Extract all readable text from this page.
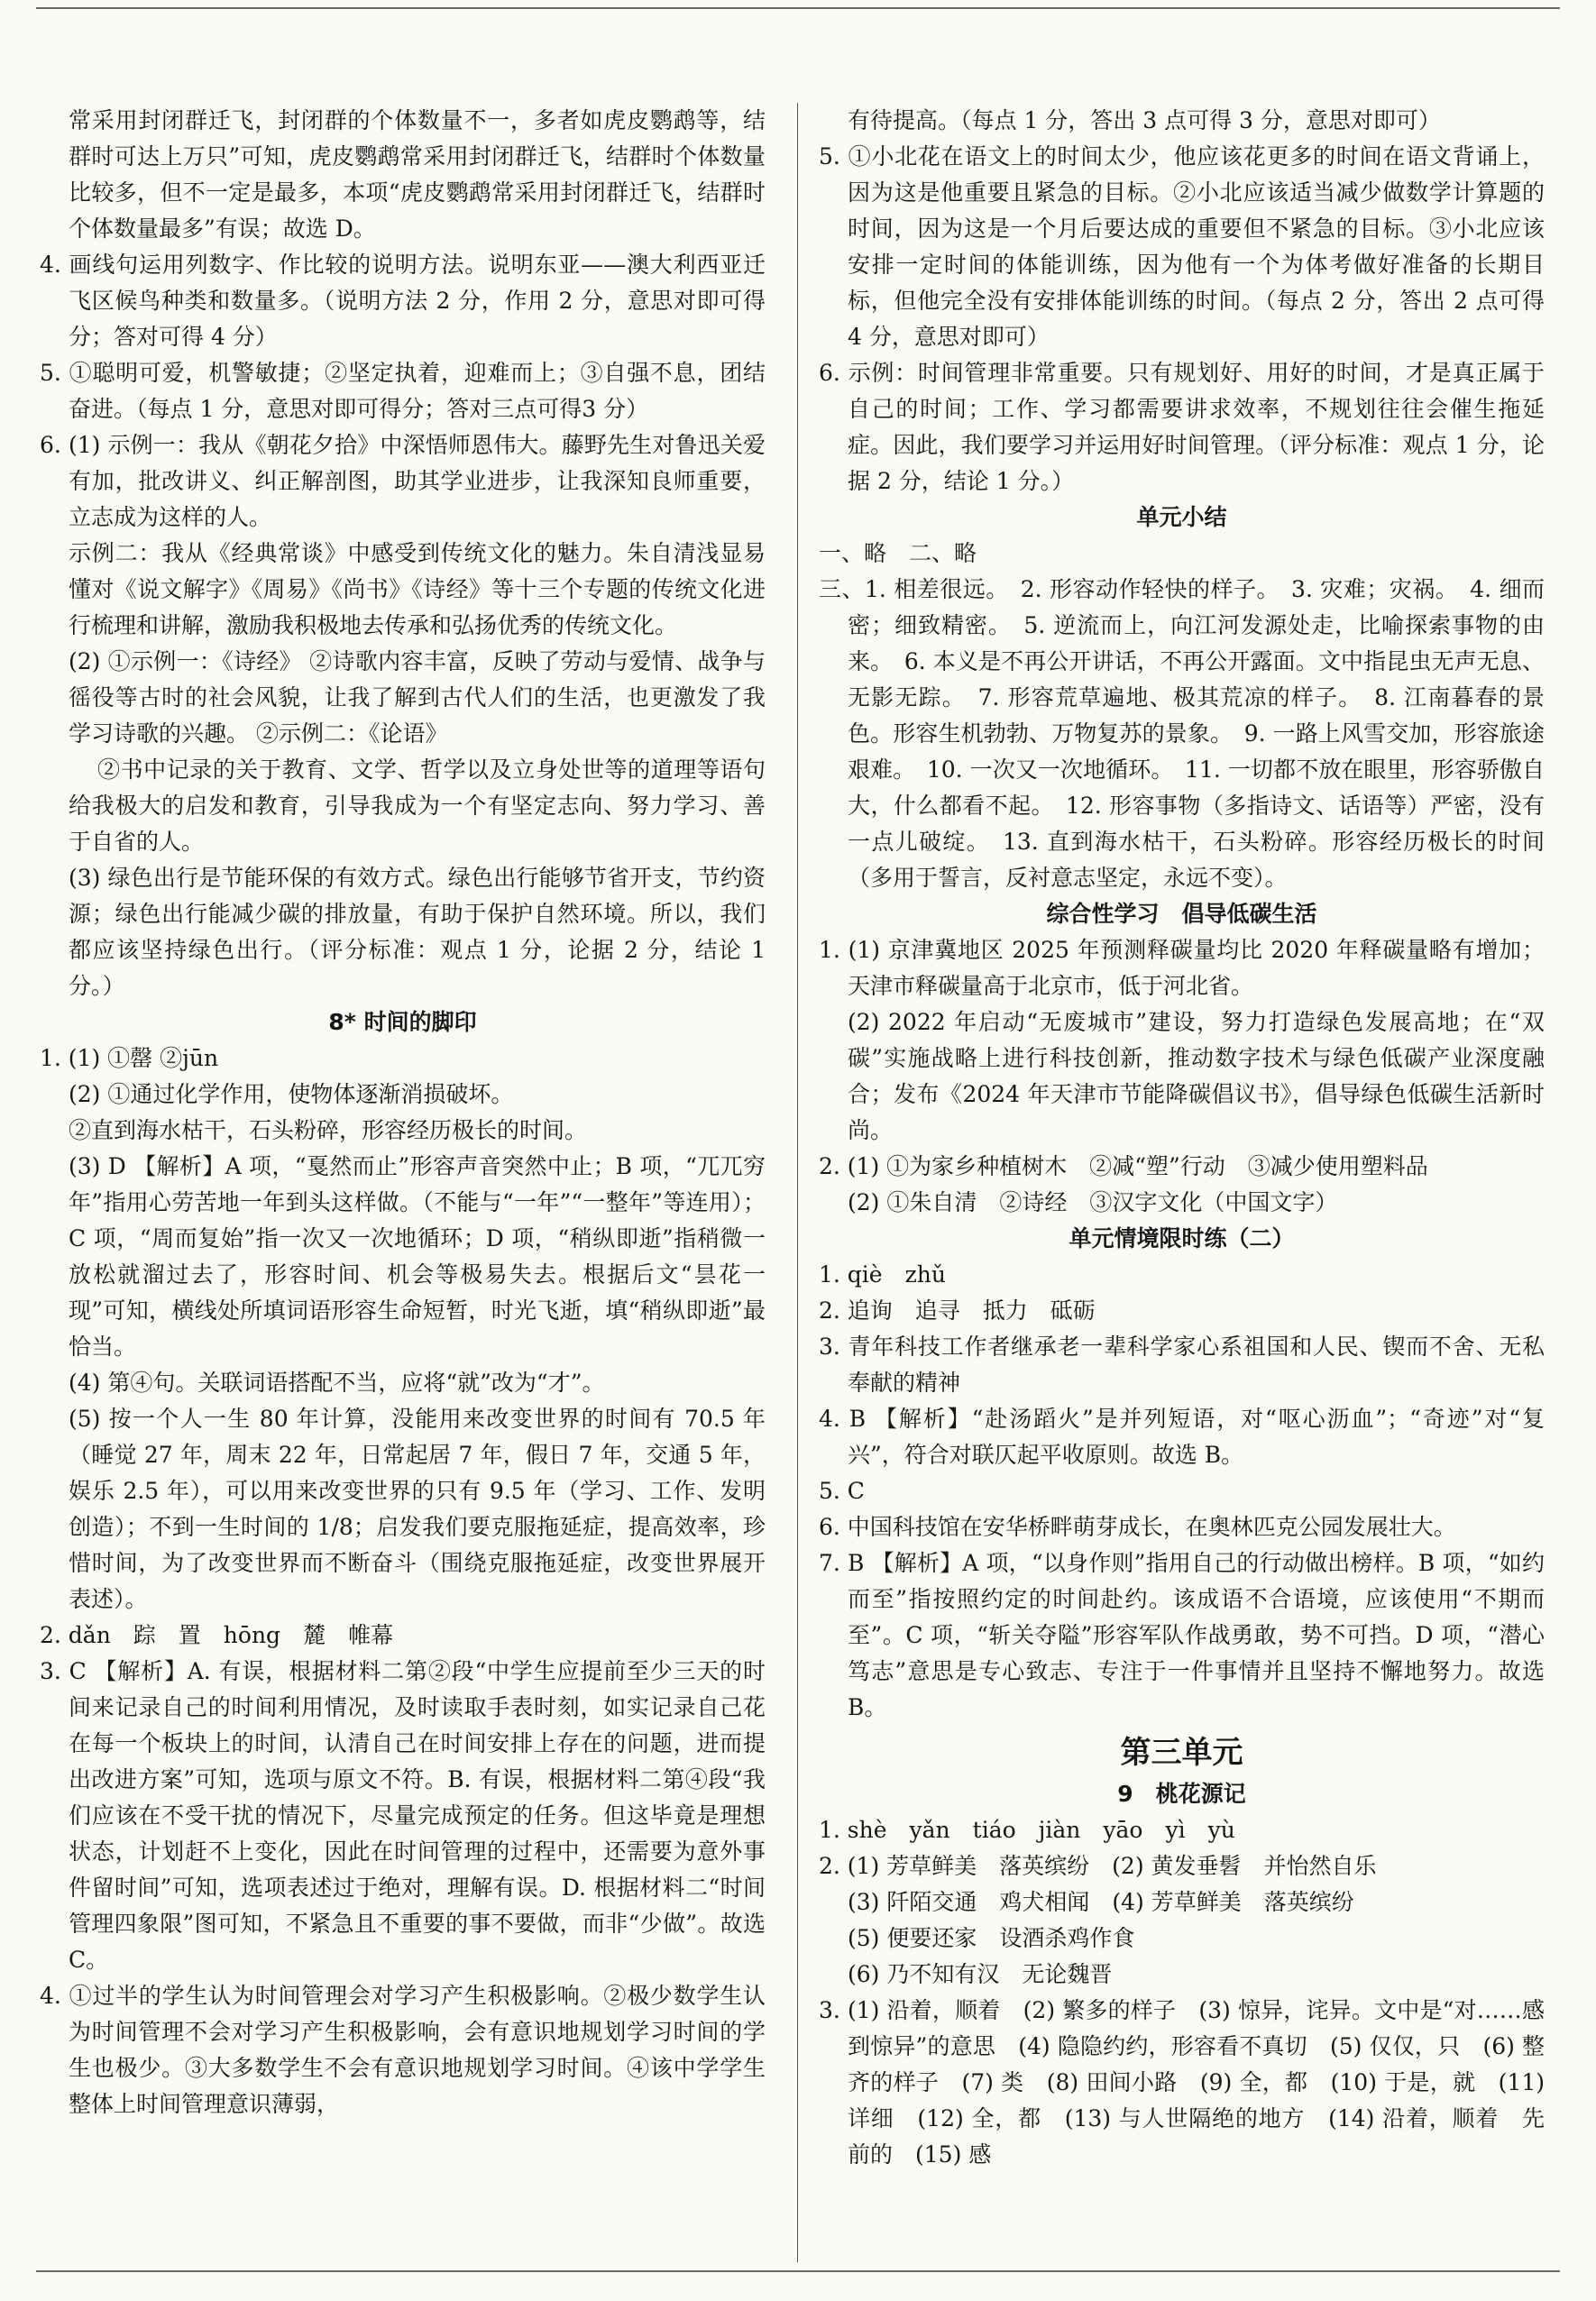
常采用封闭群迁飞，封闭群的个体数量不一，多者如虎皮鹦鹉等，结群时可达上万只”可知，虎皮鹦鹉常采用封闭群迁飞，结群时个体数量比较多，但不一定是最多，本项“虎皮鹦鹉常采用封闭群迁飞，结群时个体数量最多”有误；故选 D。

4. 画线句运用列数字、作比较的说明方法。说明东亚——澳大利西亚迁飞区候鸟种类和数量多。（说明方法 2 分，作用 2 分，意思对即可得分；答对可得 4 分）

5. ①聪明可爱，机警敏捷；②坚定执着，迎难而上；③自强不息，团结奋进。（每点 1 分，意思对即可得分；答对三点可得3 分）

6. (1) 示例一：我从《朝花夕拾》中深悟师恩伟大。藤野先生对鲁迅关爱有加，批改讲义、纠正解剖图，助其学业进步，让我深知良师重要，立志成为这样的人。

示例二：我从《经典常谈》中感受到传统文化的魅力。朱自清浅显易懂对《说文解字》《周易》《尚书》《诗经》等十三个专题的传统文化进行梳理和讲解，激励我积极地去传承和弘扬优秀的传统文化。

(2) ①示例一：《诗经》 ②诗歌内容丰富，反映了劳动与爱情、战争与徭役等古时的社会风貌，让我了解到古代人们的生活，也更激发了我学习诗歌的兴趣。 ②示例二：《论语》

②书中记录的关于教育、文学、哲学以及立身处世等的道理等语句给我极大的启发和教育，引导我成为一个有坚定志向、努力学习、善于自省的人。

(3) 绿色出行是节能环保的有效方式。绿色出行能够节省开支，节约资源；绿色出行能减少碳的排放量，有助于保护自然环境。所以，我们都应该坚持绿色出行。（评分标准：观点 1 分，论据 2 分，结论 1 分。）

8* 时间的脚印

1. (1) ①罄 ②jūn

(2) ①通过化学作用，使物体逐渐消损破坏。

②直到海水枯干，石头粉碎，形容经历极长的时间。

(3) D 【解析】A 项，“戛然而止”形容声音突然中止；B 项，“兀兀穷年”指用心劳苦地一年到头这样做。（不能与“一年”“一整年”等连用）；C 项，“周而复始”指一次又一次地循环；D 项，“稍纵即逝”指稍微一放松就溜过去了，形容时间、机会等极易失去。根据后文“昙花一现”可知，横线处所填词语形容生命短暂，时光飞逝，填“稍纵即逝”最恰当。

(4) 第④句。关联词语搭配不当，应将“就”改为“才”。

(5) 按一个人一生 80 年计算，没能用来改变世界的时间有 70.5 年（睡觉 27 年，周末 22 年，日常起居 7 年，假日 7 年，交通 5 年，娱乐 2.5 年），可以用来改变世界的只有 9.5 年（学习、工作、发明创造）；不到一生时间的 1/8；启发我们要克服拖延症，提高效率，珍惜时间，为了改变世界而不断奋斗（围绕克服拖延症，改变世界展开表述）。

2. dǎn　踪　置　hōng　麓　帷幕

3. C 【解析】A. 有误，根据材料二第②段“中学生应提前至少三天的时间来记录自己的时间利用情况，及时读取手表时刻，如实记录自己花在每一个板块上的时间，认清自己在时间安排上存在的问题，进而提出改进方案”可知，选项与原文不符。B. 有误，根据材料二第④段“我们应该在不受干扰的情况下，尽量完成预定的任务。但这毕竟是理想状态，计划赶不上变化，因此在时间管理的过程中，还需要为意外事件留时间”可知，选项表述过于绝对，理解有误。D. 根据材料二“时间管理四象限”图可知，不紧急且不重要的事不要做，而非“少做”。故选 C。

4. ①过半的学生认为时间管理会对学习产生积极影响。②极少数学生认为时间管理不会对学习产生积极影响，会有意识地规划学习时间的学生也极少。③大多数学生不会有意识地规划学习时间。④该中学学生整体上时间管理意识薄弱，

有待提高。（每点 1 分，答出 3 点可得 3 分，意思对即可）

5. ①小北花在语文上的时间太少，他应该花更多的时间在语文背诵上，因为这是他重要且紧急的目标。②小北应该适当减少做数学计算题的时间，因为这是一个月后要达成的重要但不紧急的目标。③小北应该安排一定时间的体能训练，因为他有一个为体考做好准备的长期目标，但他完全没有安排体能训练的时间。（每点 2 分，答出 2 点可得 4 分，意思对即可）

6. 示例：时间管理非常重要。只有规划好、用好的时间，才是真正属于自己的时间；工作、学习都需要讲求效率，不规划往往会催生拖延症。因此，我们要学习并运用好时间管理。（评分标准：观点 1 分，论据 2 分，结论 1 分。）

单元小结

一、略　二、略

三、1. 相差很远。　2. 形容动作轻快的样子。　3. 灾难；灾祸。　4. 细而密；细致精密。　5. 逆流而上，向江河发源处走，比喻探索事物的由来。　6. 本义是不再公开讲话，不再公开露面。文中指昆虫无声无息、无影无踪。　7. 形容荒草遍地、极其荒凉的样子。　8. 江南暮春的景色。形容生机勃勃、万物复苏的景象。　9. 一路上风雪交加，形容旅途艰难。　10. 一次又一次地循环。　11. 一切都不放在眼里，形容骄傲自大，什么都看不起。　12. 形容事物（多指诗文、话语等）严密，没有一点儿破绽。　13. 直到海水枯干，石头粉碎。形容经历极长的时间（多用于誓言，反衬意志坚定，永远不变）。

综合性学习　倡导低碳生活

1. (1) 京津冀地区 2025 年预测释碳量均比 2020 年释碳量略有增加；天津市释碳量高于北京市，低于河北省。

(2) 2022 年启动“无废城市”建设，努力打造绿色发展高地；在“双碳”实施战略上进行科技创新，推动数字技术与绿色低碳产业深度融合；发布《2024 年天津市节能降碳倡议书》，倡导绿色低碳生活新时尚。

2. (1) ①为家乡种植树木　②减“塑”行动　③减少使用塑料品

(2) ①朱自清　②诗经　③汉字文化（中国文字）

单元情境限时练（二）

1. qiè　zhǔ

2. 追询　追寻　抵力　砥砺

3. 青年科技工作者继承老一辈科学家心系祖国和人民、锲而不舍、无私奉献的精神

4. B 【解析】“赴汤蹈火”是并列短语，对“呕心沥血”；“奇迹”对“复兴”，符合对联仄起平收原则。故选 B。

5. C

6. 中国科技馆在安华桥畔萌芽成长，在奥林匹克公园发展壮大。

7. B 【解析】A 项，“以身作则”指用自己的行动做出榜样。B 项，“如约而至”指按照约定的时间赴约。该成语不合语境，应该使用“不期而至”。C 项，“斩关夺隘”形容军队作战勇敢，势不可挡。D 项，“潜心笃志”意思是专心致志、专注于一件事情并且坚持不懈地努力。故选 B。

第三单元

9　桃花源记

1. shè　yǎn　tiáo　jiàn　yāo　yì　yù

2. (1) 芳草鲜美　落英缤纷　(2) 黄发垂髫　并怡然自乐

(3) 阡陌交通　鸡犬相闻　(4) 芳草鲜美　落英缤纷

(5) 便要还家　设酒杀鸡作食

(6) 乃不知有汉　无论魏晋

3. (1) 沿着，顺着　(2) 繁多的样子　(3) 惊异，诧异。文中是“对……感到惊异”的意思　(4) 隐隐约约，形容看不真切　(5) 仅仅，只　(6) 整齐的样子　(7) 类　(8) 田间小路　(9) 全，都　(10) 于是，就　(11) 详细　(12) 全，都　(13) 与人世隔绝的地方　(14) 沿着，顺着　先前的　(15) 感
